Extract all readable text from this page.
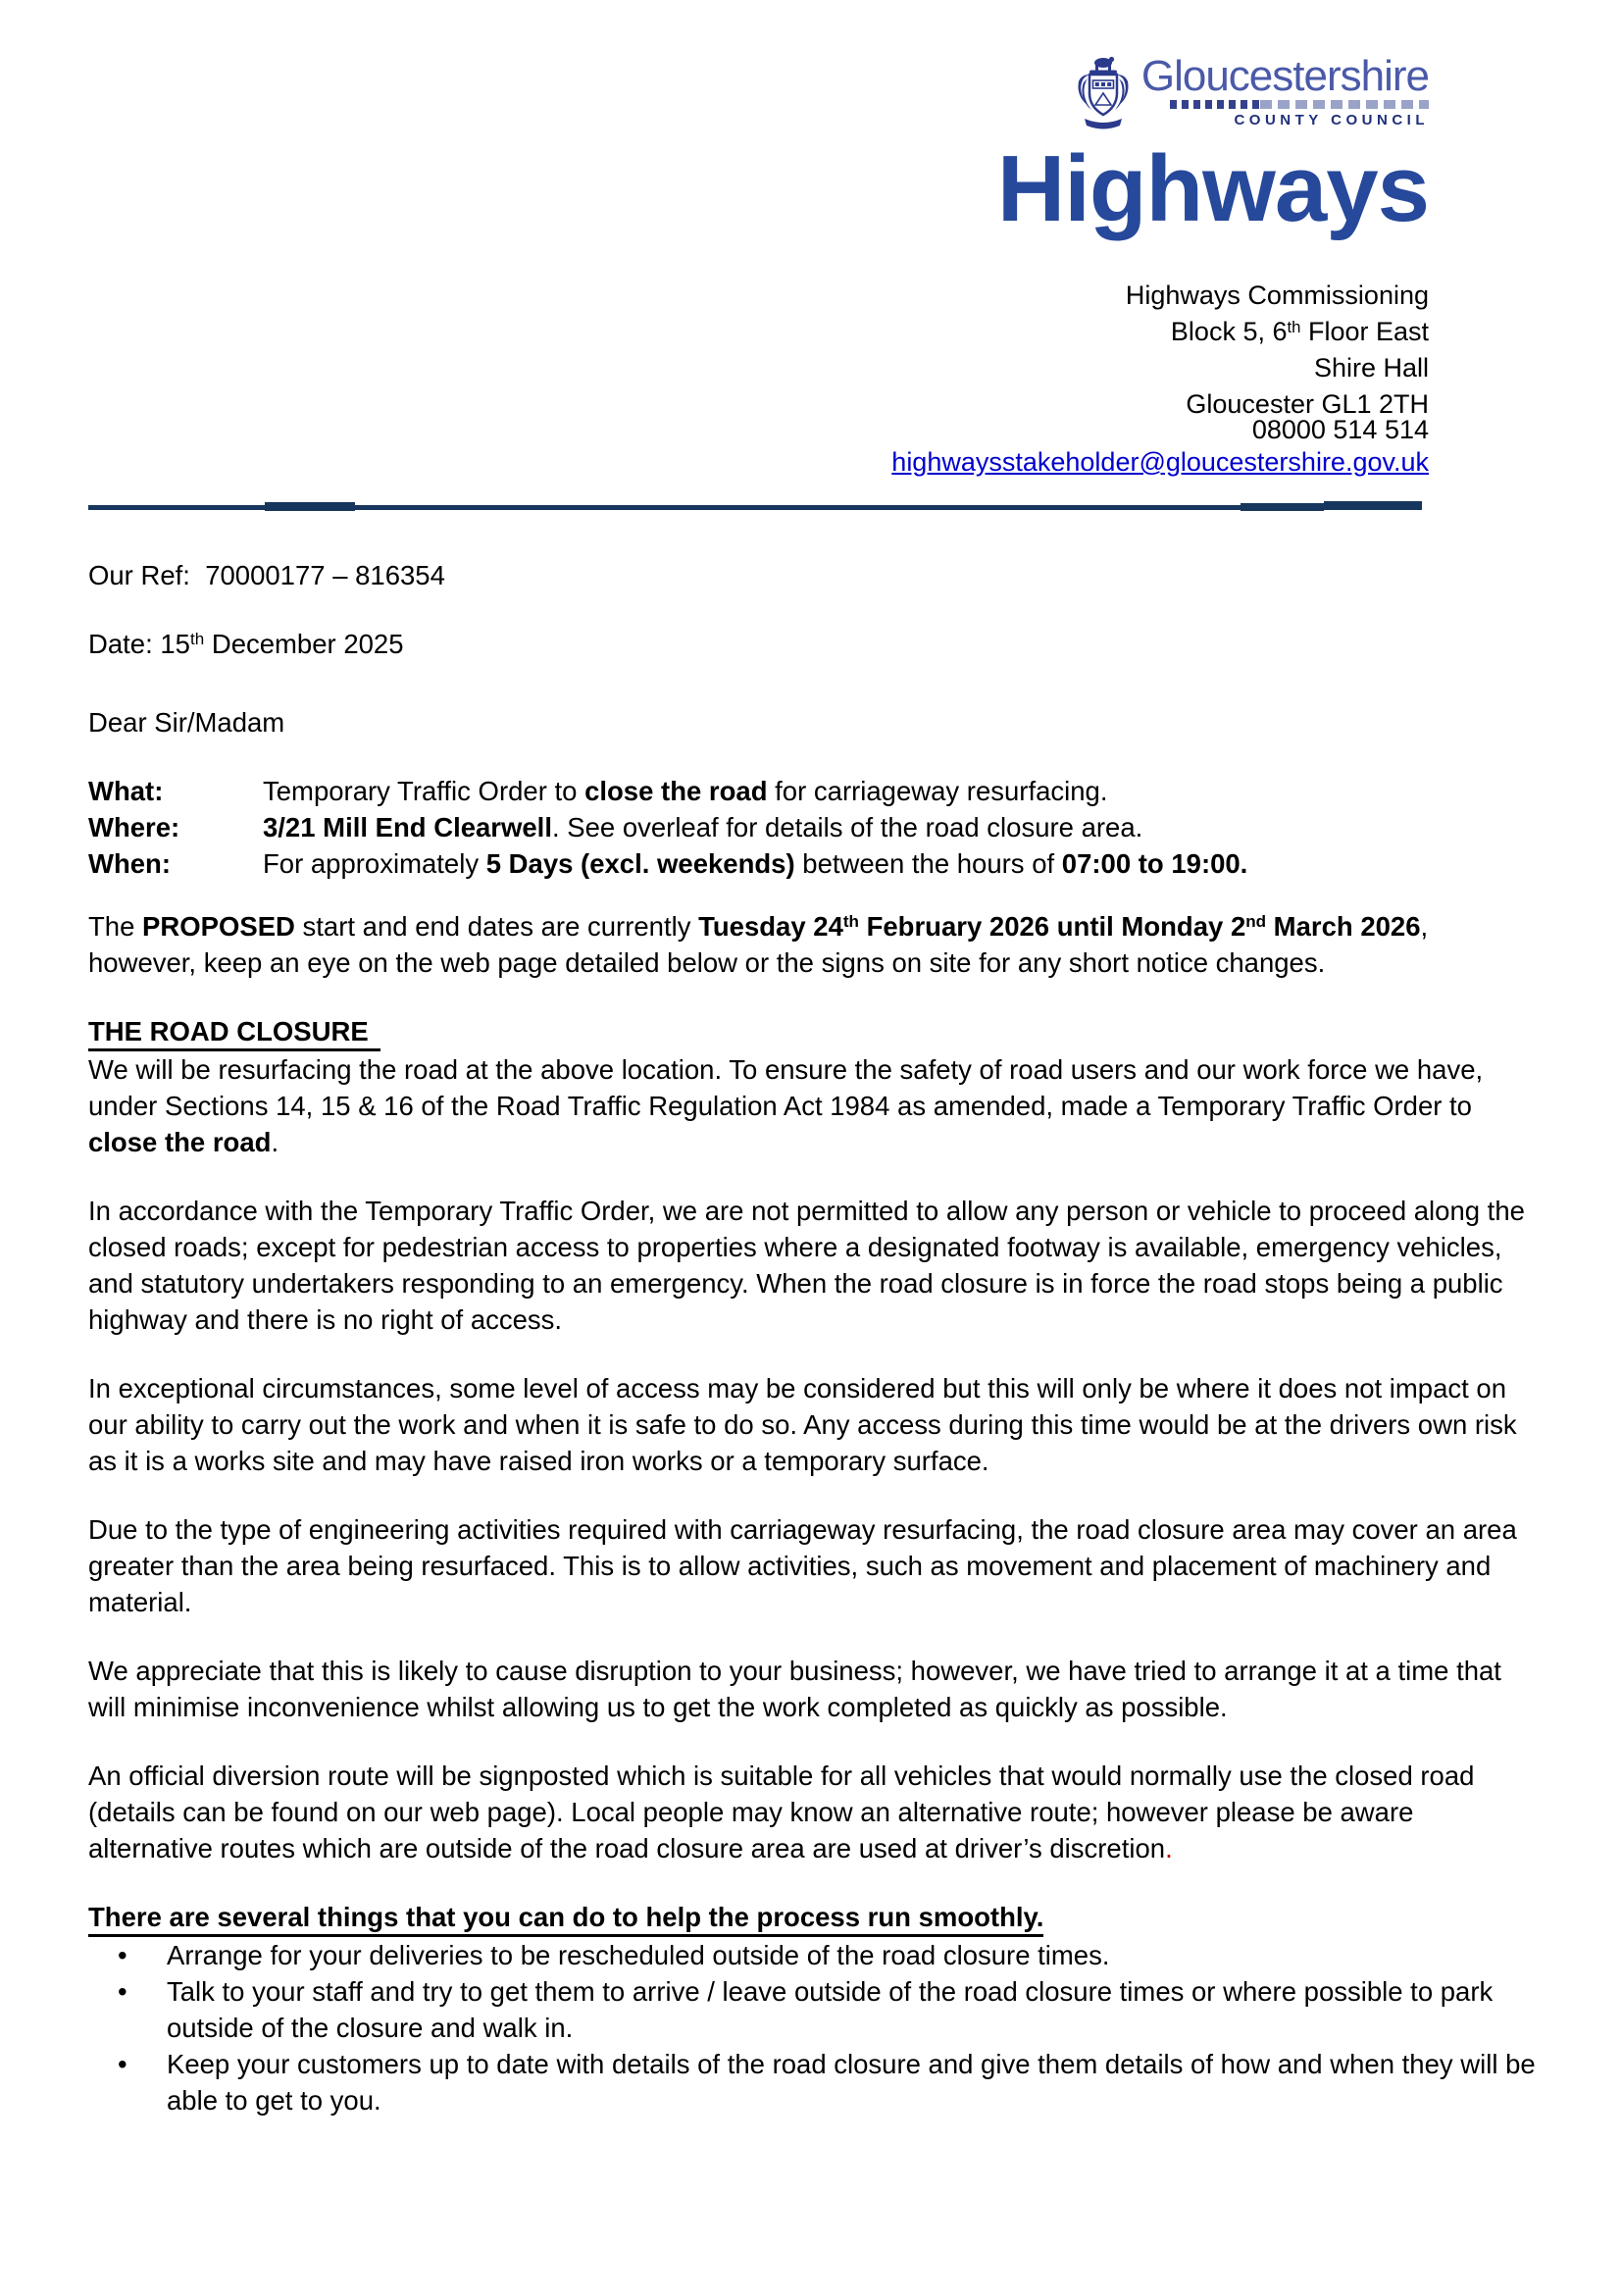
Gloucestershire
COUNTY COUNCIL
Highways
Highways Commissioning
Block 5, 6th Floor East
Shire Hall
Gloucester GL1 2TH
08000 514 514
highwaysstakeholder@gloucestershire.gov.uk

Our Ref: 70000177 – 816354

Date: 15th December 2025

Dear Sir/Madam

What:	Temporary Traffic Order to close the road for carriageway resurfacing.
Where:	3/21 Mill End Clearwell. See overleaf for details of the road closure area.
When:	For approximately 5 Days (excl. weekends) between the hours of 07:00 to 19:00.

The PROPOSED start and end dates are currently Tuesday 24th February 2026 until Monday 2nd March 2026, however, keep an eye on the web page detailed below or the signs on site for any short notice changes.

THE ROAD CLOSURE

We will be resurfacing the road at the above location. To ensure the safety of road users and our work force we have, under Sections 14, 15 & 16 of the Road Traffic Regulation Act 1984 as amended, made a Temporary Traffic Order to close the road.

In accordance with the Temporary Traffic Order, we are not permitted to allow any person or vehicle to proceed along the closed roads; except for pedestrian access to properties where a designated footway is available, emergency vehicles, and statutory undertakers responding to an emergency. When the road closure is in force the road stops being a public highway and there is no right of access.

In exceptional circumstances, some level of access may be considered but this will only be where it does not impact on our ability to carry out the work and when it is safe to do so. Any access during this time would be at the drivers own risk as it is a works site and may have raised iron works or a temporary surface.

Due to the type of engineering activities required with carriageway resurfacing, the road closure area may cover an area greater than the area being resurfaced. This is to allow activities, such as movement and placement of machinery and material.

We appreciate that this is likely to cause disruption to your business; however, we have tried to arrange it at a time that will minimise inconvenience whilst allowing us to get the work completed as quickly as possible.

An official diversion route will be signposted which is suitable for all vehicles that would normally use the closed road (details can be found on our web page). Local people may know an alternative route; however please be aware alternative routes which are outside of the road closure area are used at driver’s discretion.

There are several things that you can do to help the process run smoothly.
•	Arrange for your deliveries to be rescheduled outside of the road closure times.
•	Talk to your staff and try to get them to arrive / leave outside of the road closure times or where possible to park outside of the closure and walk in.
•	Keep your customers up to date with details of the road closure and give them details of how and when they will be able to get to you.
